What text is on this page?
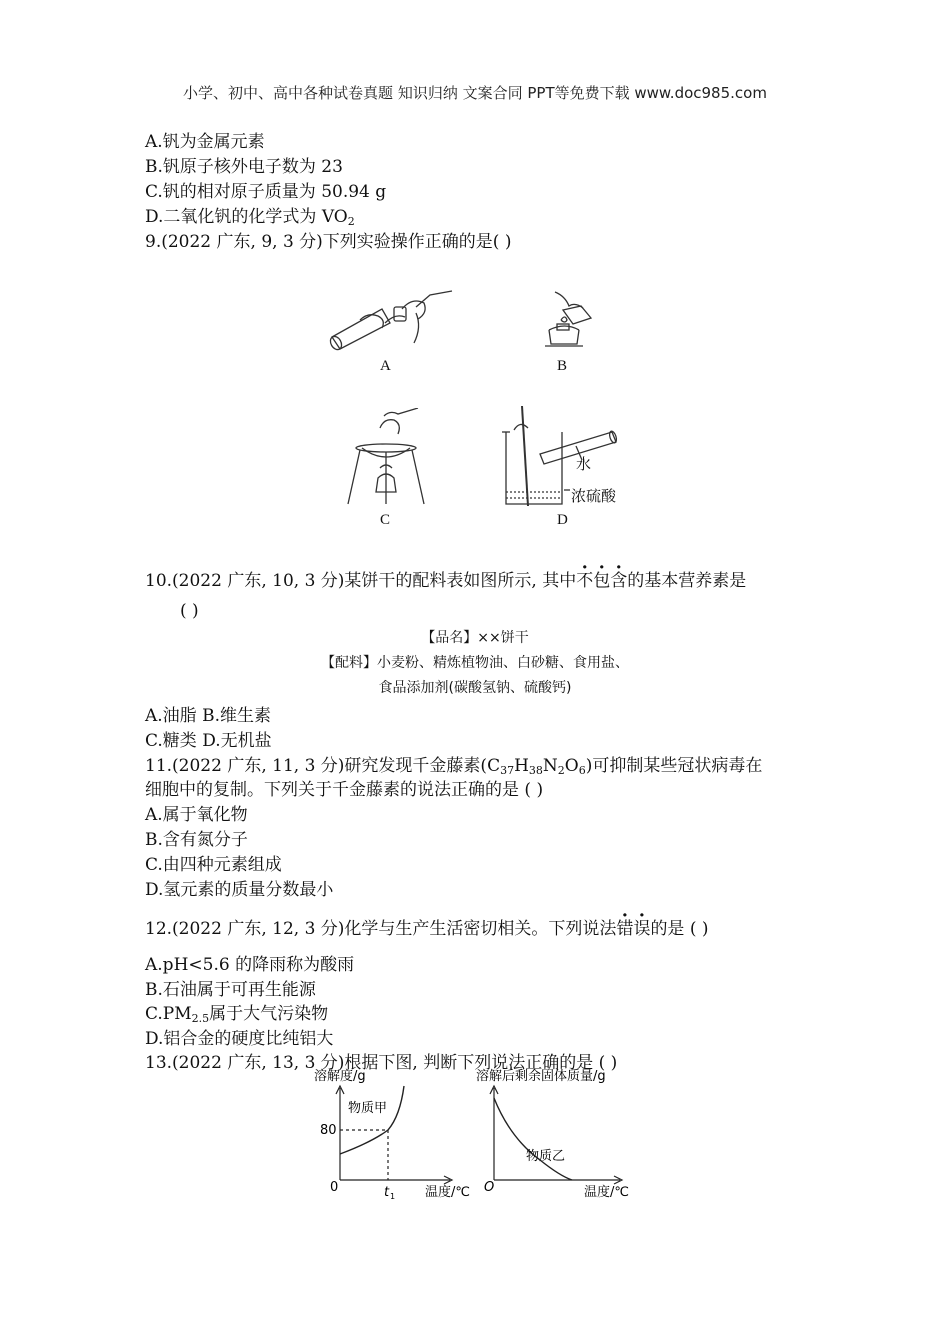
小学、初中、高中各种试卷真题 知识归纳 文案合同 PPT等免费下载 www.doc985.com
A.钒为金属元素
B.钒原子核外电子数为 23
C.钒的相对原子质量为 50.94 g
D.二氧化钒的化学式为 $VO_2$
9.(2022 广东, 9, 3 分)下列实验操作正确的是( )
A	B
C
水
浓硫酸
D
10.(2022 广东, 10, 3 分)某饼干的配料表如图所示, 其中不包含的基本营养素是
( )
【品名】××饼干
【配料】小麦粉、精炼植物油、白砂糖、食用盐、
食品添加剂(碳酸氢钠、硫酸钙)
A.油脂 B.维生素
C.糖类 D.无机盐
11.(2022 广东, 11, 3 分)研究发现千金藤素$(C_{37}H_{38}N_2O_6)$可抑制某些冠状病毒在
细胞中的复制。下列关于千金藤素的说法正确的是 ( )
A.属于氧化物
B.含有氮分子
C.由四种元素组成
D.氢元素的质量分数最小
12.(2022 广东, 12, 3 分)化学与生产生活密切相关。下列说法错误的是 ( )
A.pH<5.6 的降雨称为酸雨
B.石油属于可再生能源
$C.PM_{2.5}$属于大气污染物
D.铝合金的硬度比纯铝大
13.(2022 广东, 13, 3 分)根据下图, 判断下列说法正确的是 ( )
溶解度/g
物质甲
80
0	t 1 温度/℃
溶解后剩余固体质量/g
物质乙
O	温度/℃
